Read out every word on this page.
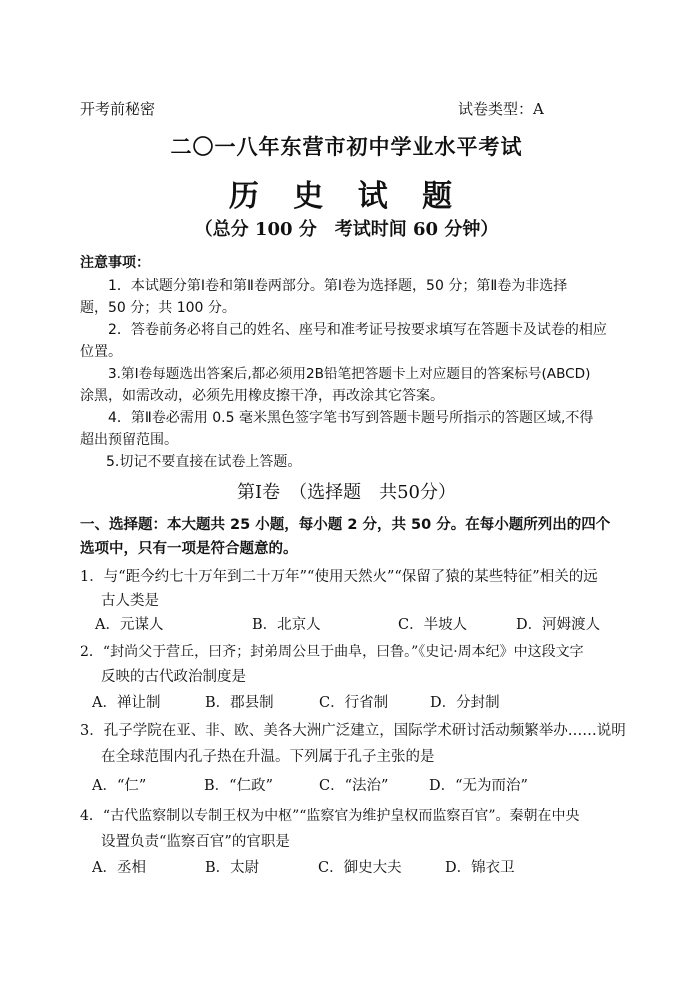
开考前秘密	试卷类型：A
二〇一八年东营市初中学业水平考试
历 史 试 题
（总分 100 分　考试时间 60 分钟）
注意事项：
1．本试题分第Ⅰ卷和第Ⅱ卷两部分。第Ⅰ卷为选择题，50 分；第Ⅱ卷为非选择
题，50 分；共 100 分。
2．答卷前务必将自己的姓名、座号和准考证号按要求填写在答题卡及试卷的相应
位置。
3.第Ⅰ卷每题选出答案后,都必须用2B铅笔把答题卡上对应题目的答案标号(ABCD)
涂黑，如需改动，必须先用橡皮擦干净，再改涂其它答案。
4．第Ⅱ卷必需用 0.5 毫米黑色签字笔书写到答题卡题号所指示的答题区域,不得
超出预留范围。
5.切记不要直接在试卷上答题。
第Ⅰ卷　（选择题　共50分）
一、选择题：本大题共 25 小题，每小题 2 分，共 50 分。在每小题所列出的四个选项中，只有一项是符合题意的。
1．与“距今约七十万年到二十万年”“使用天然火”“保留了猿的某些特征”相关的远
古人类是
A．元谋人	B．北京人	C．半坡人	D．河姆渡人
2．“封尚父于营丘，曰齐；封弟周公旦于曲阜，曰鲁。”《史记·周本纪》中这段文字
反映的古代政治制度是
A．禅让制	B．郡县制	C．行省制	D．分封制
3．孔子学院在亚、非、欧、美各大洲广泛建立，国际学术研讨活动频繁举办……说明
在全球范围内孔子热在升温。下列属于孔子主张的是
A．“仁”	B．“仁政”	C．“法治”	D．“无为而治”
4．“古代监察制以专制王权为中枢”“监察官为维护皇权而监察百官”。秦朝在中央
设置负责“监察百官”的官职是
A．丞相	B．太尉	C．御史大夫	D．锦衣卫
